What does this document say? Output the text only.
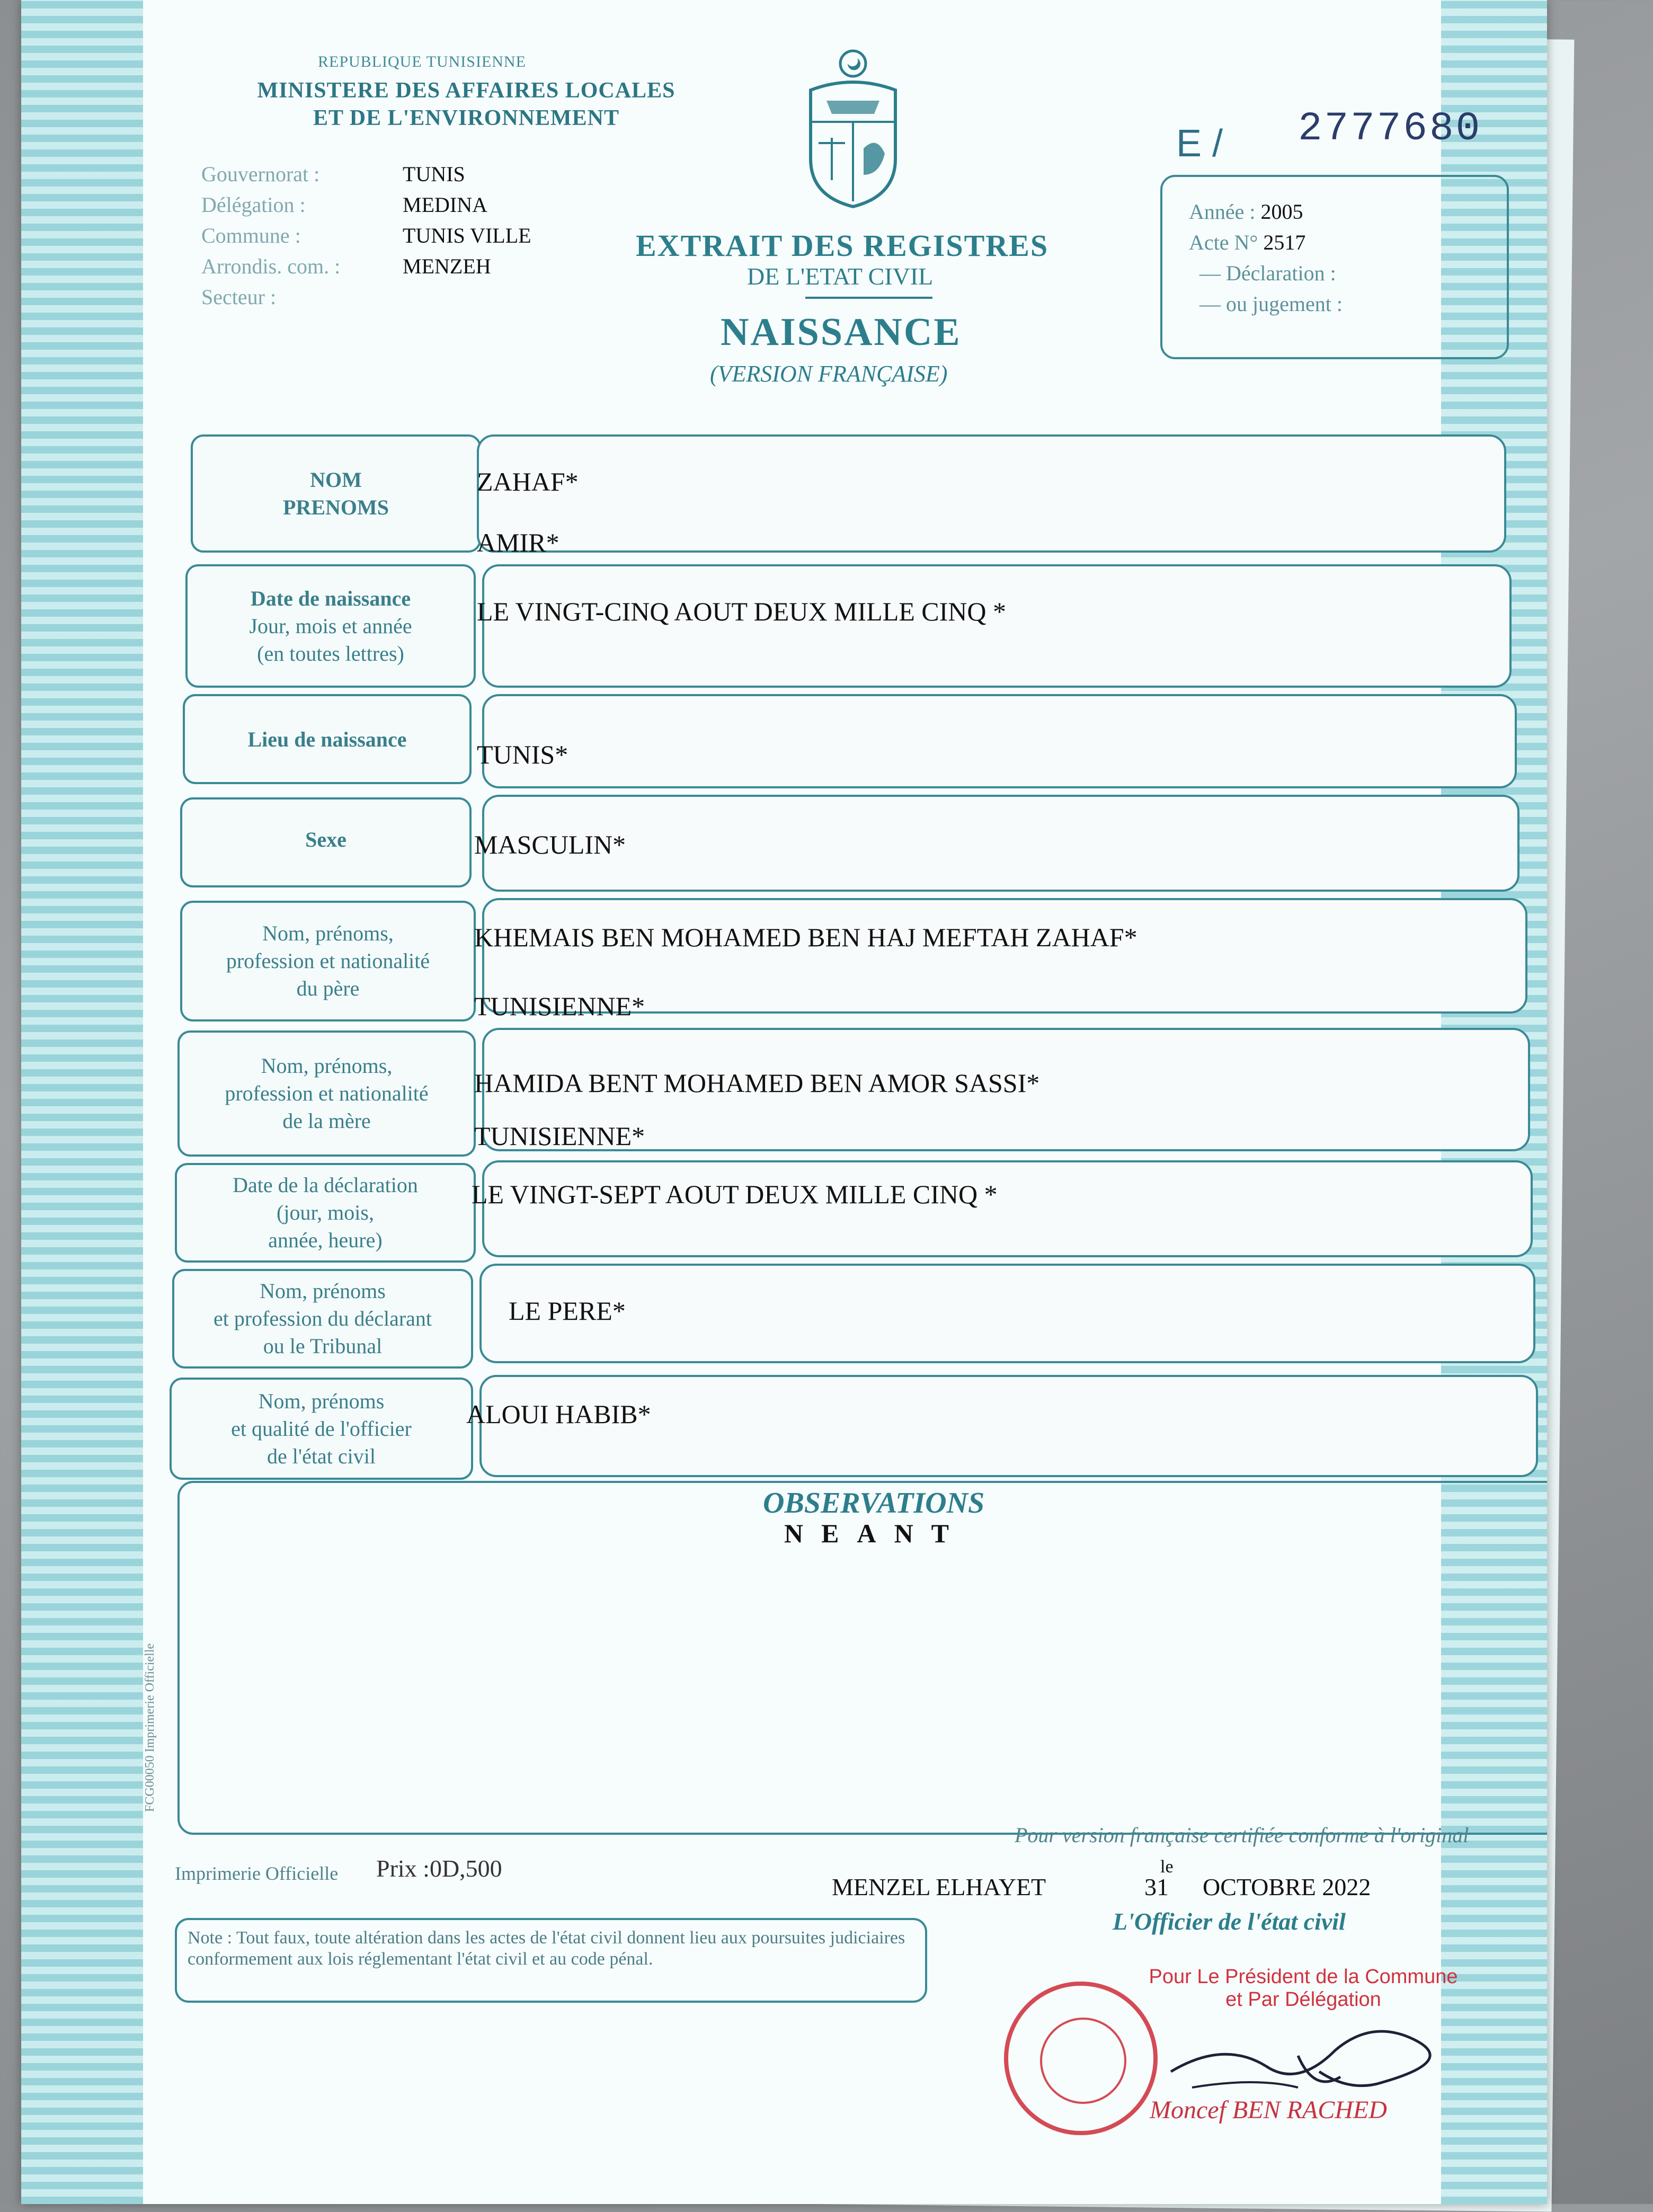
REPUBLIQUE TUNISIENNE
MINISTERE DES AFFAIRES LOCALES
ET DE L'ENVIRONNEMENT
Gouvernorat :
Délégation :
Commune :
Arrondis. com. :
Secteur :
TUNIS
MEDINA
TUNIS VILLE
MENZEH
EXTRAIT DES REGISTRES
DE L'ETAT CIVIL
NAISSANCE
(VERSION FRANÇAISE)
E / 2777680
Année : 2005
Acte N° 2517
— Déclaration :
— ou jugement :
NOM
PRENOMS
ZAHAF*
AMIR*
Date de naissance
Jour, mois et année
(en toutes lettres)
LE VINGT-CINQ AOUT DEUX MILLE CINQ *
Lieu de naissance
TUNIS*
Sexe	MASCULIN*
Nom, prénoms,
profession et nationalité
du père
KHEMAIS BEN MOHAMED BEN HAJ MEFTAH ZAHAF*
TUNISIENNE*
Nom, prénoms,
profession et nationalité
de la mère
HAMIDA BENT MOHAMED BEN AMOR SASSI*
TUNISIENNE*
Date de la déclaration
(jour, mois,
année, heure)
LE VINGT-SEPT AOUT DEUX MILLE CINQ *
Nom, prénoms
et profession du déclarant
ou le Tribunal
LE PERE*
Nom, prénoms
et qualité de l'officier
de l'état civil
ALOUI HABIB*
OBSERVATIONS
NEANT
FCG00050 Imprimerie Officielle
Pour version française certifiée conforme à l'original
Imprimerie Officielle Prix :0D,500
MENZEL ELHAYET	31
le
OCTOBRE 2022
L'Officier de l'état civil
Note : Tout faux, toute altération dans les actes de l'état civil donnent lieu aux poursuites judiciaires conformement aux lois réglementant l'état civil et au code pénal.
Pour Le Président de la Commune
et Par Délégation
Moncef BEN RACHED
